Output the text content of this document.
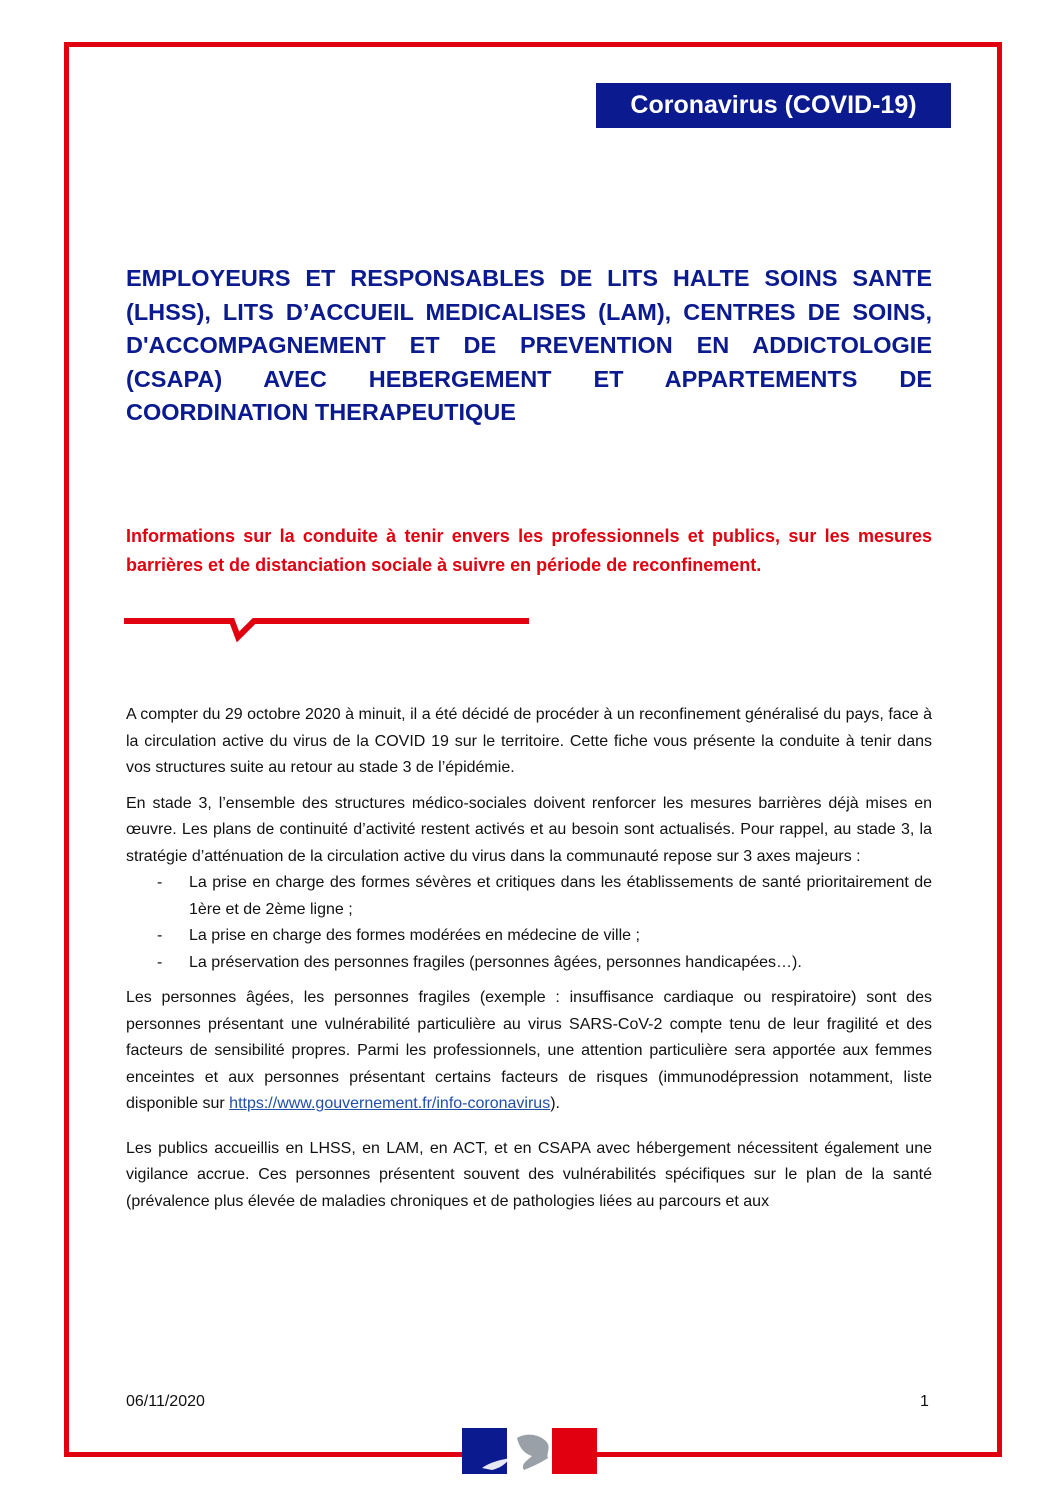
Coronavirus (COVID-19)
EMPLOYEURS ET RESPONSABLES DE LITS HALTE SOINS SANTE (LHSS), LITS D’ACCUEIL MEDICALISES (LAM), CENTRES DE SOINS, D'ACCOMPAGNEMENT ET DE PREVENTION EN ADDICTOLOGIE (CSAPA) AVEC HEBERGEMENT ET APPARTEMENTS DE COORDINATION THERAPEUTIQUE

Informations sur la conduite à tenir envers les professionnels et publics, sur les mesures barrières et de distanciation sociale à suivre en période de reconfinement.

A compter du 29 octobre 2020 à minuit, il a été décidé de procéder à un reconfinement généralisé du pays, face à la circulation active du virus de la COVID 19 sur le territoire. Cette fiche vous présente la conduite à tenir dans vos structures suite au retour au stade 3 de l’épidémie.

En stade 3, l’ensemble des structures médico-sociales doivent renforcer les mesures barrières déjà mises en œuvre. Les plans de continuité d’activité restent activés et au besoin sont actualisés. Pour rappel, au stade 3, la stratégie d’atténuation de la circulation active du virus dans la communauté repose sur 3 axes majeurs :

- La prise en charge des formes sévères et critiques dans les établissements de santé prioritairement de 1ère et de 2ème ligne ;
- La prise en charge des formes modérées en médecine de ville ;
- La préservation des personnes fragiles (personnes âgées, personnes handicapées…).

Les personnes âgées, les personnes fragiles (exemple : insuffisance cardiaque ou respiratoire) sont des personnes présentant une vulnérabilité particulière au virus SARS-CoV-2 compte tenu de leur fragilité et des facteurs de sensibilité propres. Parmi les professionnels, une attention particulière sera apportée aux femmes enceintes et aux personnes présentant certains facteurs de risques (immunodépression notamment, liste disponible sur https://www.gouvernement.fr/info-coronavirus).

Les publics accueillis en LHSS, en LAM, en ACT, et en CSAPA avec hébergement nécessitent également une vigilance accrue. Ces personnes présentent souvent des vulnérabilités spécifiques sur le plan de la santé (prévalence plus élevée de maladies chroniques et de pathologies liées au parcours et aux

06/11/2020	1
